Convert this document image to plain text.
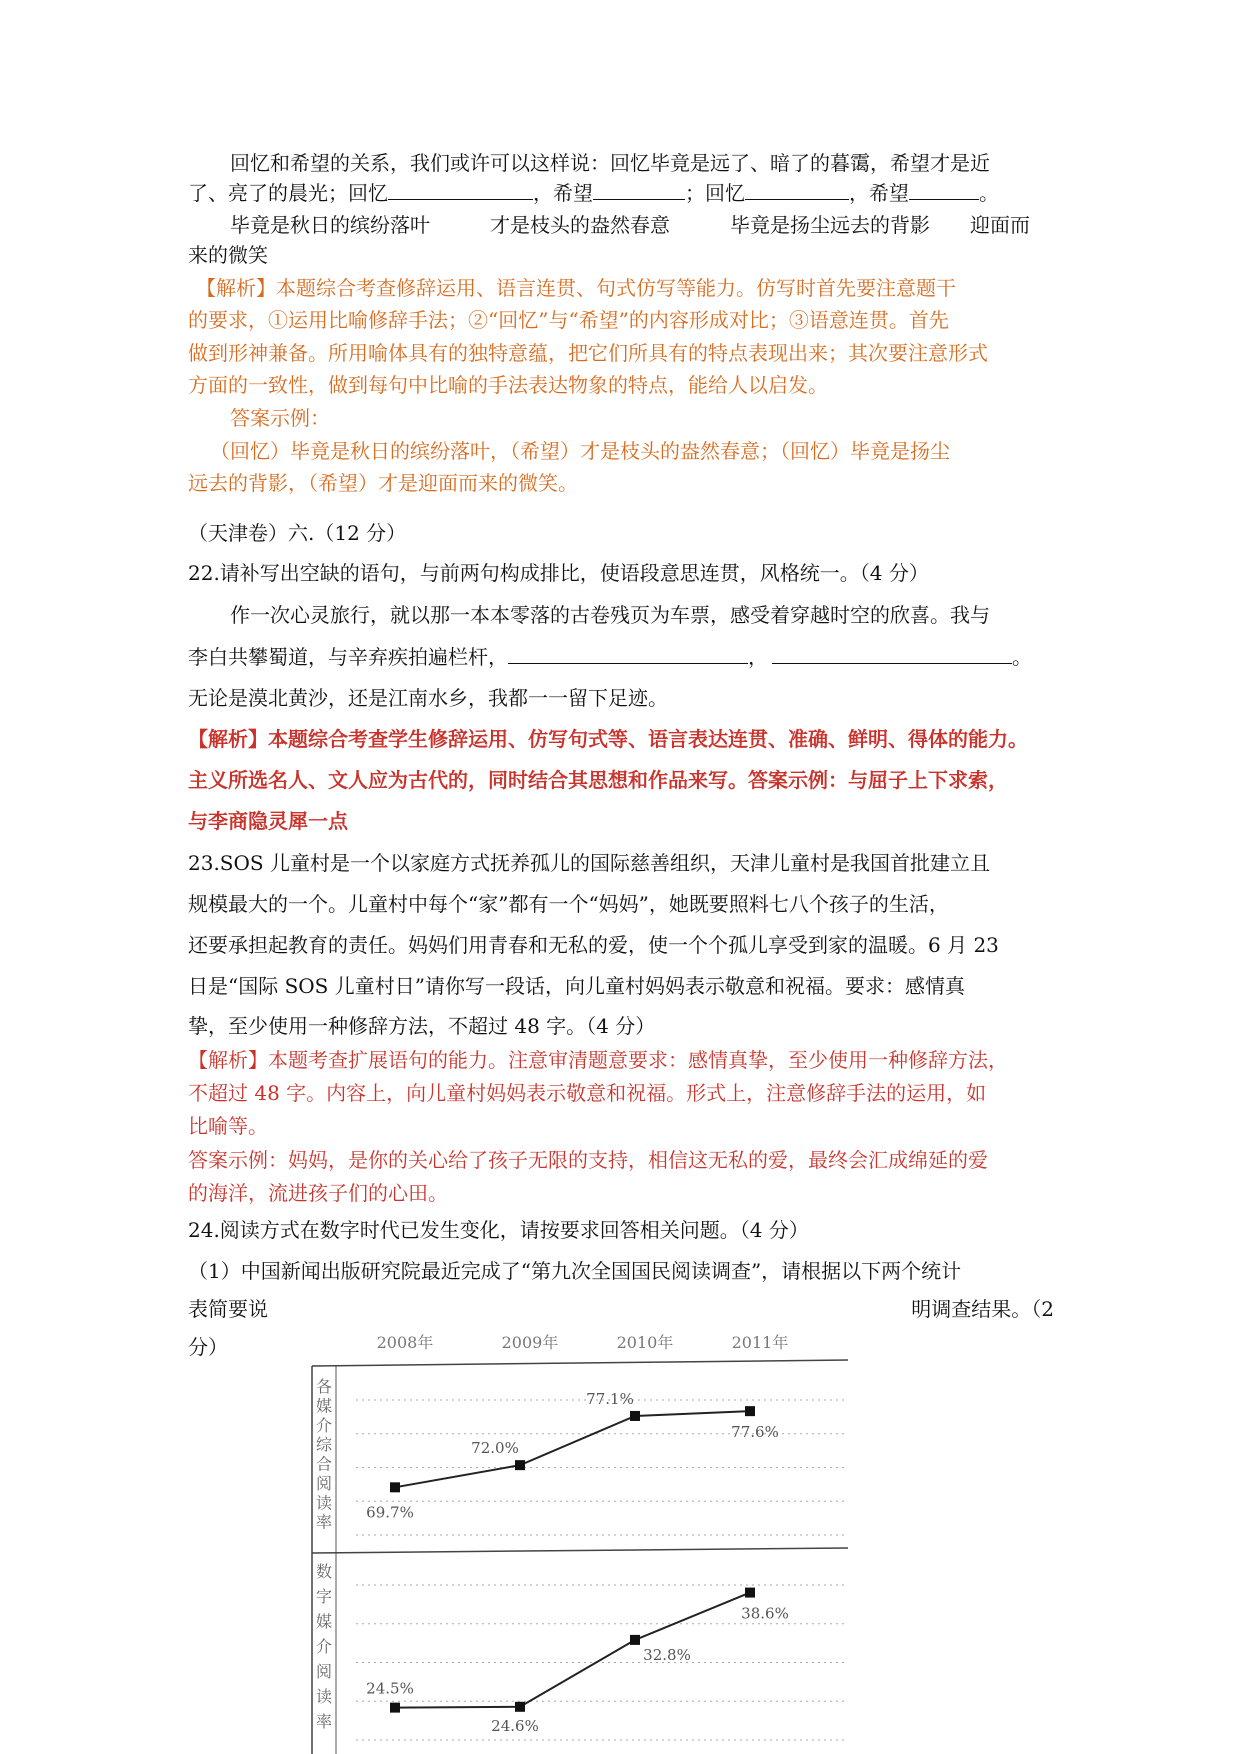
回忆和希望的关系，我们或许可以这样说：回忆毕竟是远了、暗了的暮霭，希望才是近
了、亮了的晨光；回忆	，希望	；回忆	，希望	。
毕竟是秋日的缤纷落叶　　　才是枝头的盎然春意　　　毕竟是扬尘远去的背影　　迎面而
来的微笑
【解析】本题综合考查修辞运用、语言连贯、句式仿写等能力。仿写时首先要注意题干
的要求，①运用比喻修辞手法；②“回忆”与“希望”的内容形成对比；③语意连贯。首先
做到形神兼备。所用喻体具有的独特意蕴，把它们所具有的特点表现出来；其次要注意形式
方面的一致性，做到每句中比喻的手法表达物象的特点，能给人以启发。
答案示例：
（回忆）毕竟是秋日的缤纷落叶，（希望）才是枝头的盎然春意；（回忆）毕竟是扬尘
远去的背影，（希望）才是迎面而来的微笑。
（天津卷）六.（12 分）
22.请补写出空缺的语句，与前两句构成排比，使语段意思连贯，风格统一。（4 分）
作一次心灵旅行，就以那一本本零落的古卷残页为车票，感受着穿越时空的欣喜。我与
李白共攀蜀道，与辛弃疾拍遍栏杆，	，	。
无论是漠北黄沙，还是江南水乡，我都一一留下足迹。
【解析】本题综合考查学生修辞运用、仿写句式等、语言表达连贯、准确、鲜明、得体的能力。
主义所选名人、文人应为古代的，同时结合其思想和作品来写。答案示例：与屈子上下求索，
与李商隐灵犀一点
23.SOS 儿童村是一个以家庭方式抚养孤儿的国际慈善组织，天津儿童村是我国首批建立且
规模最大的一个。儿童村中每个“家”都有一个“妈妈”，她既要照料七八个孩子的生活，
还要承担起教育的责任。妈妈们用青春和无私的爱，使一个个孤儿享受到家的温暖。6 月 23
日是“国际 SOS 儿童村日”请你写一段话，向儿童村妈妈表示敬意和祝福。要求：感情真
挚，至少使用一种修辞方法，不超过 48 字。（4 分）
【解析】本题考查扩展语句的能力。注意审清题意要求：感情真挚，至少使用一种修辞方法，
不超过 48 字。内容上，向儿童村妈妈表示敬意和祝福。形式上，注意修辞手法的运用，如
比喻等。
答案示例：妈妈，是你的关心给了孩子无限的支持，相信这无私的爱，最终会汇成绵延的爱
的海洋，流进孩子们的心田。
24.阅读方式在数字时代已发生变化，请按要求回答相关问题。（4 分）
（1）中国新闻出版研究院最近完成了“第九次全国国民阅读调查”，请根据以下两个统计
表简要说	明调查结果。（2
分）	2008年	2009年	2010年	2011年
各
媒
介
综
合
阅
读
率
69.7%
72.0%
77.1%
77.6%
数
字
媒
介
阅
读
率
24.5%
24.6%
32.8%
38.6%
